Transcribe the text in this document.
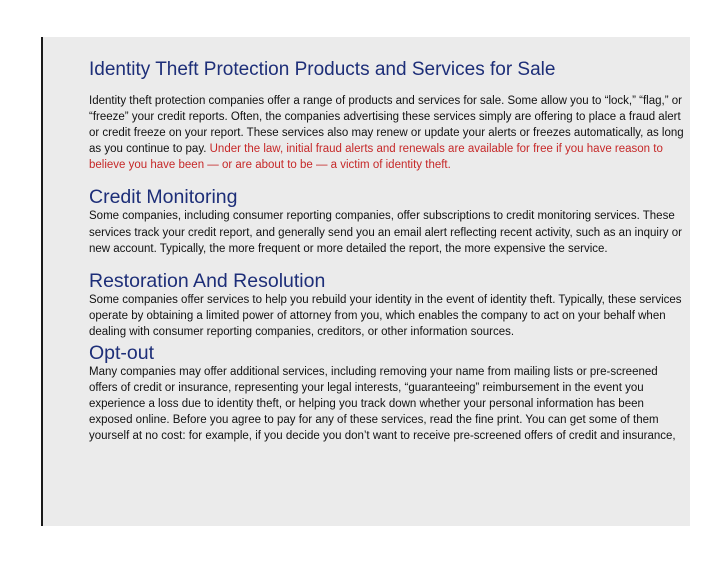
Identity Theft Protection Products and Services for Sale

Identity theft protection companies offer a range of products and services for sale. Some allow you to “lock,” “flag,” or “freeze” your credit reports. Often, the companies advertising these services simply are offering to place a fraud alert or credit freeze on your report. These services also may renew or update your alerts or freezes automatically, as long as you continue to pay. Under the law, initial fraud alerts and renewals are available for free if you have reason to believe you have been — or are about to be — a victim of identity theft.

Credit Monitoring

Some companies, including consumer reporting companies, offer subscriptions to credit monitoring services. These services track your credit report, and generally send you an email alert reflecting recent activity, such as an inquiry or new account. Typically, the more frequent or more detailed the report, the more expensive the service.

Restoration And Resolution

Some companies offer services to help you rebuild your identity in the event of identity theft. Typically, these services operate by obtaining a limited power of attorney from you, which enables the company to act on your behalf when dealing with consumer reporting companies, creditors, or other information sources.

Opt-out

Many companies may offer additional services, including removing your name from mailing lists or pre-screened offers of credit or insurance, representing your legal interests, “guaranteeing” reimbursement in the event you experience a loss due to identity theft, or helping you track down whether your personal information has been exposed online. Before you agree to pay for any of these services, read the fine print. You can get some of them yourself at no cost: for example, if you decide you don’t want to receive pre-screened offers of credit and insurance,
